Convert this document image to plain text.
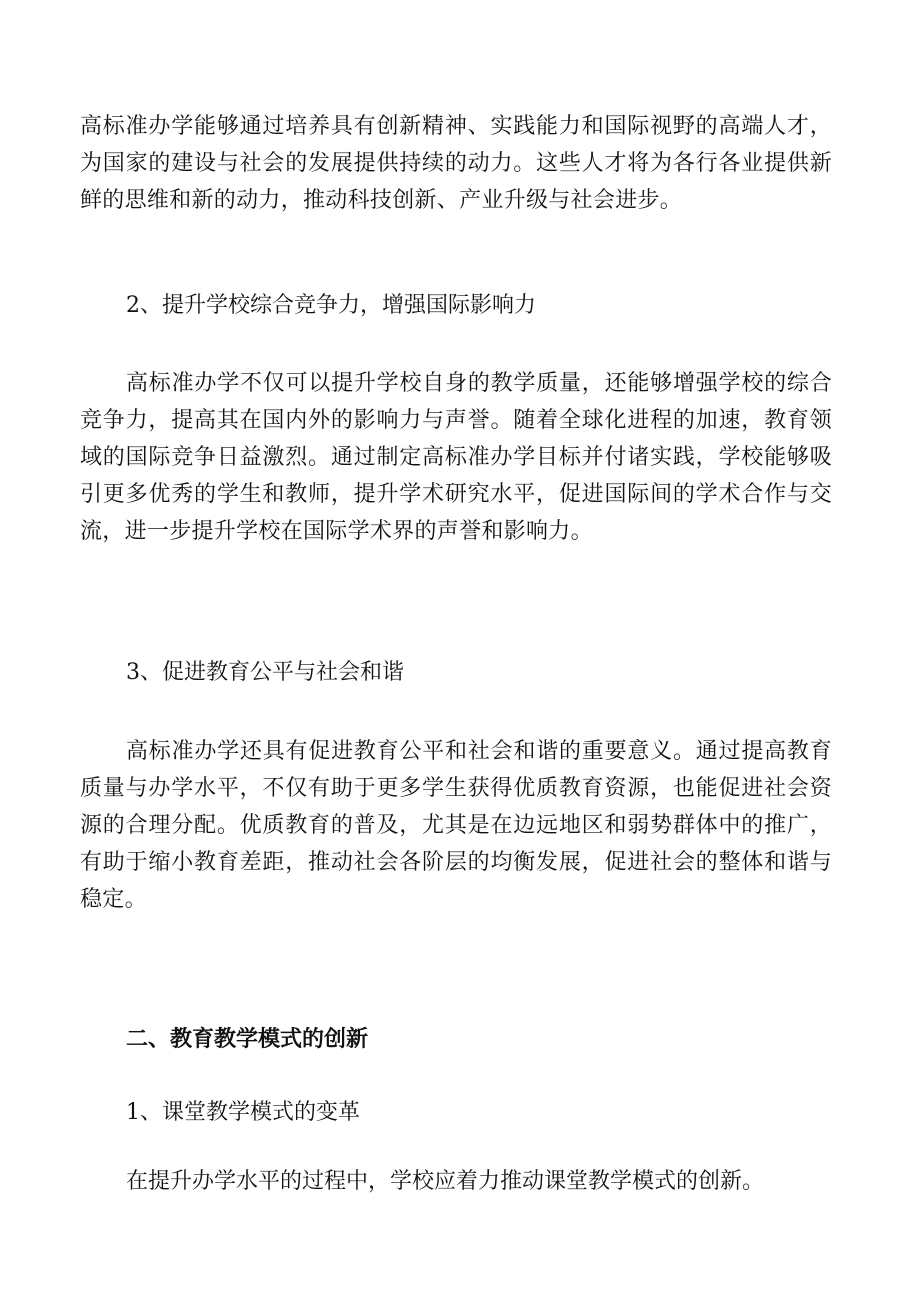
高标准办学能够通过培养具有创新精神、实践能力和国际视野的高端人才，为国家的建设与社会的发展提供持续的动力。这些人才将为各行各业提供新鲜的思维和新的动力，推动科技创新、产业升级与社会进步。

2、提升学校综合竞争力，增强国际影响力

高标准办学不仅可以提升学校自身的教学质量，还能够增强学校的综合竞争力，提高其在国内外的影响力与声誉。随着全球化进程的加速，教育领域的国际竞争日益激烈。通过制定高标准办学目标并付诸实践，学校能够吸引更多优秀的学生和教师，提升学术研究水平，促进国际间的学术合作与交流，进一步提升学校在国际学术界的声誉和影响力。

3、促进教育公平与社会和谐

高标准办学还具有促进教育公平和社会和谐的重要意义。通过提高教育质量与办学水平，不仅有助于更多学生获得优质教育资源，也能促进社会资源的合理分配。优质教育的普及，尤其是在边远地区和弱势群体中的推广，有助于缩小教育差距，推动社会各阶层的均衡发展，促进社会的整体和谐与稳定。

二、教育教学模式的创新

1、课堂教学模式的变革

在提升办学水平的过程中，学校应着力推动课堂教学模式的创新。
